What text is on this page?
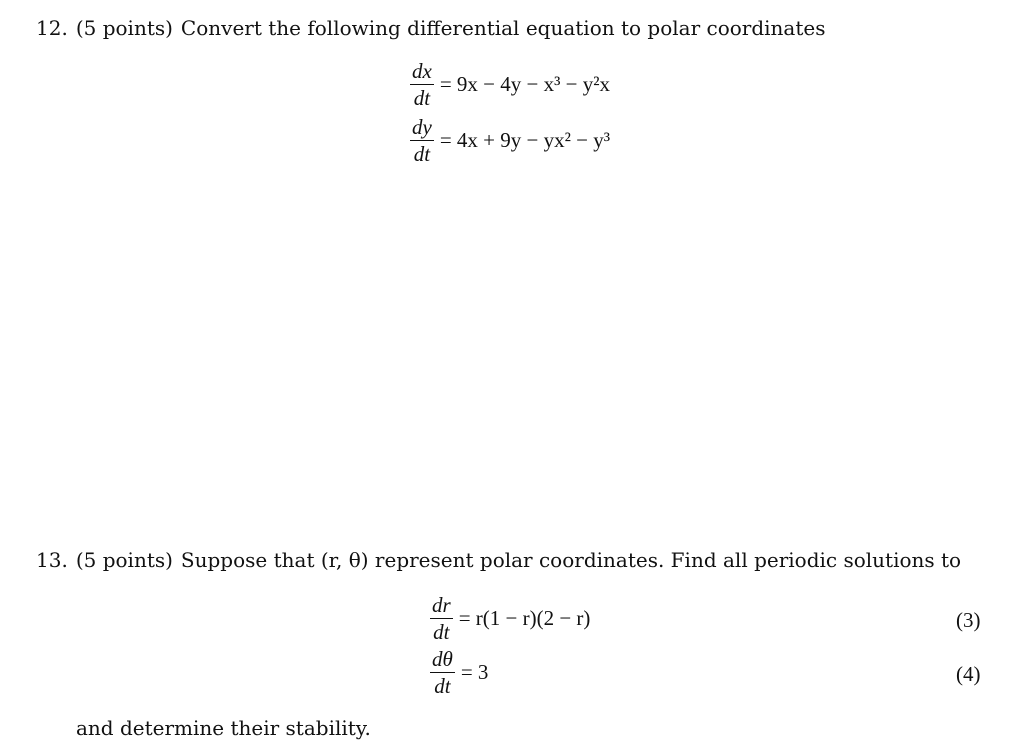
12. (5 points) Convert the following differential equation to polar coordinates
$\frac{dx}{dt} = 9x - 4y - x^3 - y^2x$
$\frac{dy}{dt} = 4x + 9y - yx^2 - y^3$
13. (5 points) Suppose that (r, θ) represent polar coordinates. Find all periodic solutions to
$\frac{dr}{dt} = r(1 - r)(2 - r)$
$\frac{d\theta}{dt} = 3$
(3)
(4)
and determine their stability.
